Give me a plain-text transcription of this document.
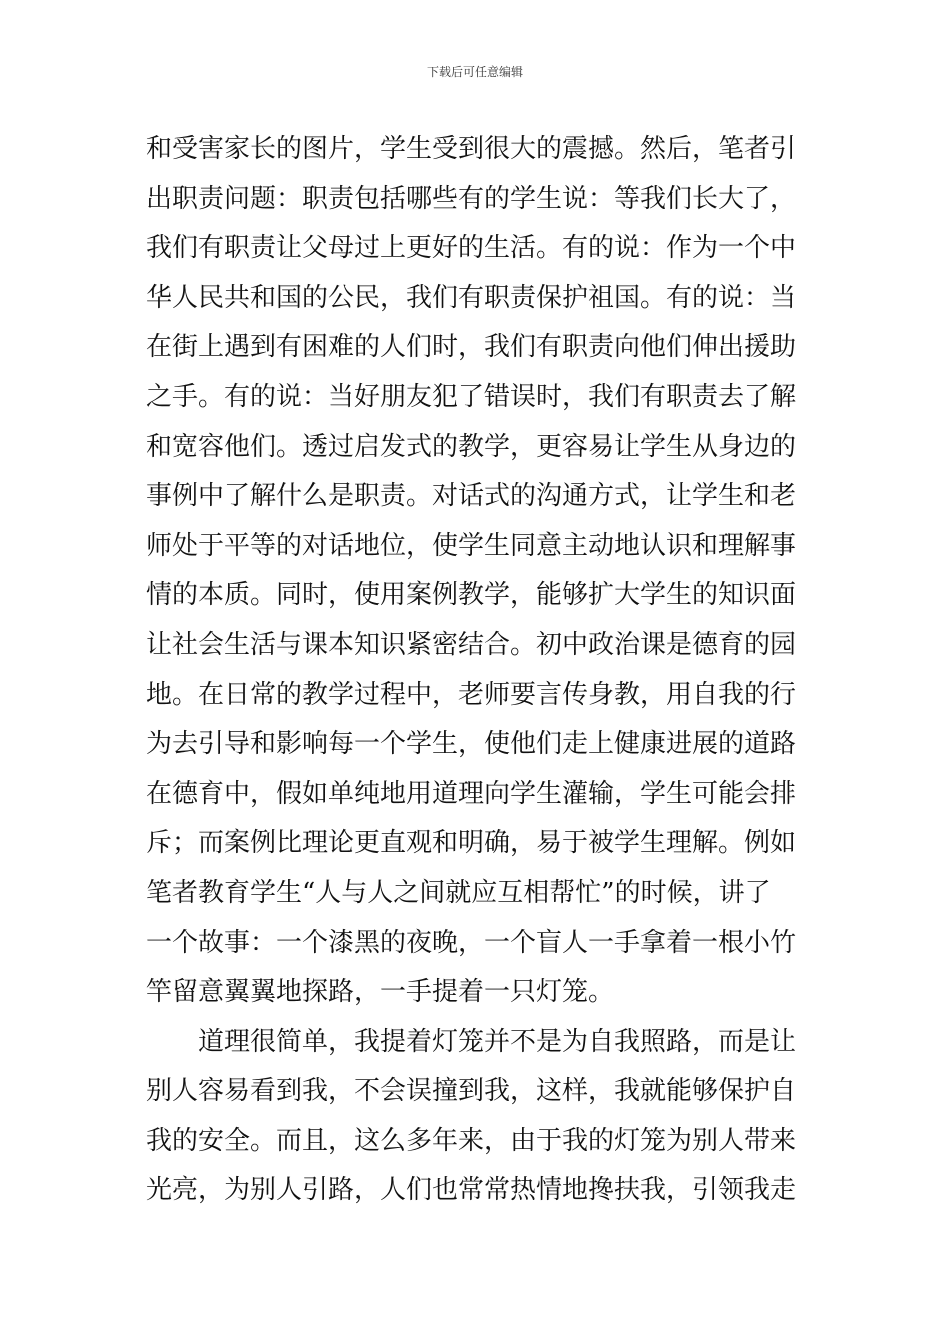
下载后可任意编辑
和受害家长的图片，学生受到很大的震撼。然后，笔者引
出职责问题：职责包括哪些有的学生说：等我们长大了，
我们有职责让父母过上更好的生活。有的说：作为一个中
华人民共和国的公民，我们有职责保护祖国。有的说：当
在街上遇到有困难的人们时，我们有职责向他们伸出援助
之手。有的说：当好朋友犯了错误时，我们有职责去了解
和宽容他们。透过启发式的教学，更容易让学生从身边的
事例中了解什么是职责。对话式的沟通方式，让学生和老
师处于平等的对话地位，使学生同意主动地认识和理解事
情的本质。同时，使用案例教学，能够扩大学生的知识面
让社会生活与课本知识紧密结合。初中政治课是德育的园
地。在日常的教学过程中，老师要言传身教，用自我的行
为去引导和影响每一个学生，使他们走上健康进展的道路
在德育中，假如单纯地用道理向学生灌输，学生可能会排
斥；而案例比理论更直观和明确，易于被学生理解。例如
笔者教育学生“人与人之间就应互相帮忙”的时候，讲了
一个故事：一个漆黑的夜晚，一个盲人一手拿着一根小竹
竿留意翼翼地探路，一手提着一只灯笼。
道理很简单，我提着灯笼并不是为自我照路，而是让
别人容易看到我，不会误撞到我，这样，我就能够保护自
我的安全。而且，这么多年来，由于我的灯笼为别人带来
光亮，为别人引路，人们也常常热情地搀扶我，引领我走
